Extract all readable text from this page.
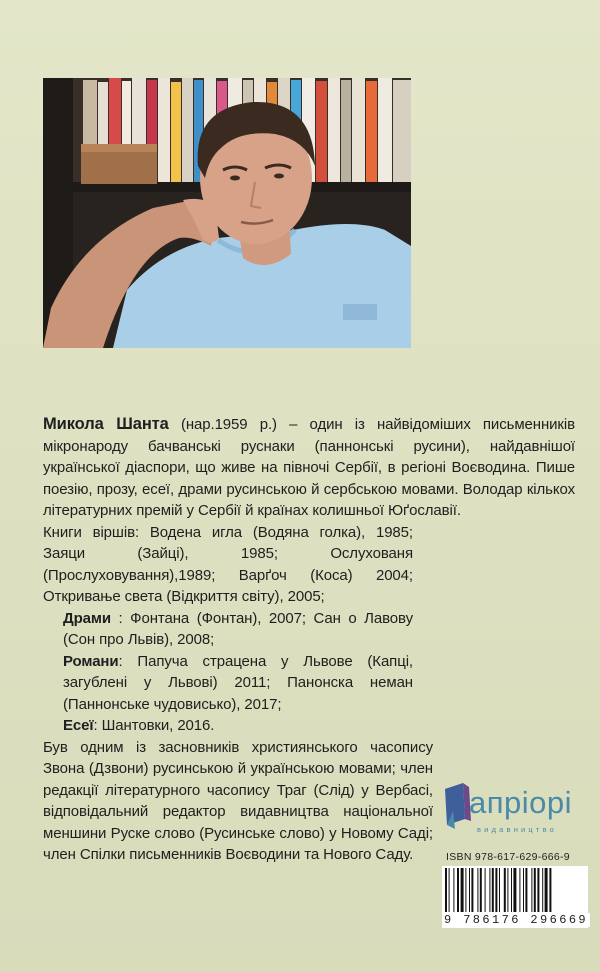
Микола Шанта (нар.1959 р.) – один із найвідоміших письменників мікронароду бачванські руснаки (паннонські русини), найдавнішої української діаспори, що живе на півночі Сербії, в регіоні Воєводина. Пише поезію, прозу, есеї, драми русинською й сербською мовами. Володар кількох літературних премій у Сербії й країнах колишньої Юґославії.

Книги віршів: Водена игла (Водяна голка), 1985; Заяци (Зайці), 1985; Ослухованя (Прослуховування),1989; Варґоч (Коса) 2004; Откривање света (Відкриття світу), 2005;

Драми : Фонтана (Фонтан), 2007; Сан о Лавову (Сон про Львів), 2008;

Романи: Папуча страцена у Львове (Капці, загублені у Львові) 2011; Панонска неман (Паннонське чудовисько), 2017;

Есеї: Шантовки, 2016.

Був одним із засновників християнського часопису Звона (Дзвони) русинською й українською мовами; член редакції літературного часопису Траг (Слід) у Вербасі, відповідальний редактор видавництва національної меншини Руске слово (Русинське слово) у Новому Саді; член Спілки письменників Воєводини та Нового Саду.

апріорі
видавництво
ISBN 978-617-629-666-9
9 786176 296669
